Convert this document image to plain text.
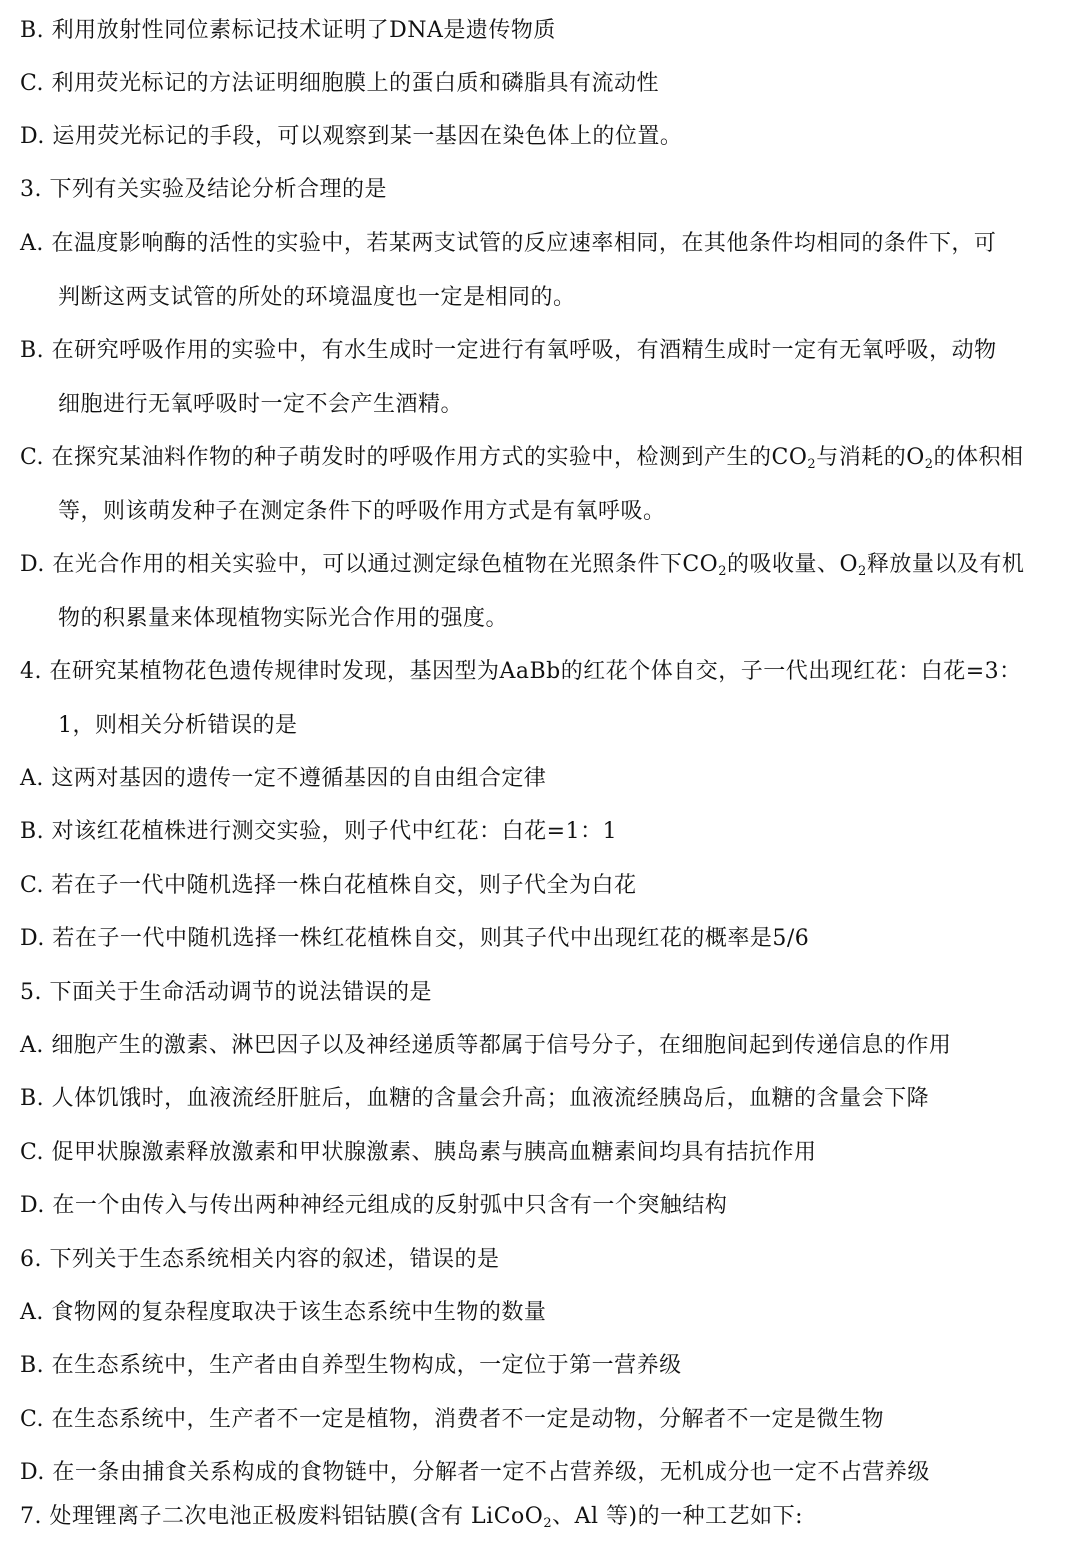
B. 利用放射性同位素标记技术证明了DNA是遗传物质
C. 利用荧光标记的方法证明细胞膜上的蛋白质和磷脂具有流动性
D. 运用荧光标记的手段，可以观察到某一基因在染色体上的位置。
3. 下列有关实验及结论分析合理的是
A. 在温度影响酶的活性的实验中，若某两支试管的反应速率相同，在其他条件均相同的条件下，可
判断这两支试管的所处的环境温度也一定是相同的。
B. 在研究呼吸作用的实验中，有水生成时一定进行有氧呼吸，有酒精生成时一定有无氧呼吸，动物
细胞进行无氧呼吸时一定不会产生酒精。
C. 在探究某油料作物的种子萌发时的呼吸作用方式的实验中，检测到产生的$CO_2$与消耗的$O_2$的体积相
等，则该萌发种子在测定条件下的呼吸作用方式是有氧呼吸。
D. 在光合作用的相关实验中，可以通过测定绿色植物在光照条件下$CO_2$的吸收量、$O_2$释放量以及有机
物的积累量来体现植物实际光合作用的强度。
4. 在研究某植物花色遗传规律时发现，基因型为AaBb的红花个体自交，子一代出现红花：白花=3：
1，则相关分析错误的是
A. 这两对基因的遗传一定不遵循基因的自由组合定律
B. 对该红花植株进行测交实验，则子代中红花：白花=1：1
C. 若在子一代中随机选择一株白花植株自交，则子代全为白花
D. 若在子一代中随机选择一株红花植株自交，则其子代中出现红花的概率是5/6
5. 下面关于生命活动调节的说法错误的是
A. 细胞产生的激素、淋巴因子以及神经递质等都属于信号分子，在细胞间起到传递信息的作用
B. 人体饥饿时，血液流经肝脏后，血糖的含量会升高；血液流经胰岛后，血糖的含量会下降
C. 促甲状腺激素释放激素和甲状腺激素、胰岛素与胰高血糖素间均具有拮抗作用
D. 在一个由传入与传出两种神经元组成的反射弧中只含有一个突触结构
6. 下列关于生态系统相关内容的叙述，错误的是
A. 食物网的复杂程度取决于该生态系统中生物的数量
B. 在生态系统中，生产者由自养型生物构成，一定位于第一营养级
C. 在生态系统中，生产者不一定是植物，消费者不一定是动物，分解者不一定是微生物
D. 在一条由捕食关系构成的食物链中，分解者一定不占营养级，无机成分也一定不占营养级
7. 处理锂离子二次电池正极废料铝钴膜(含有 LiCoO$_2$、Al 等)的一种工艺如下:
